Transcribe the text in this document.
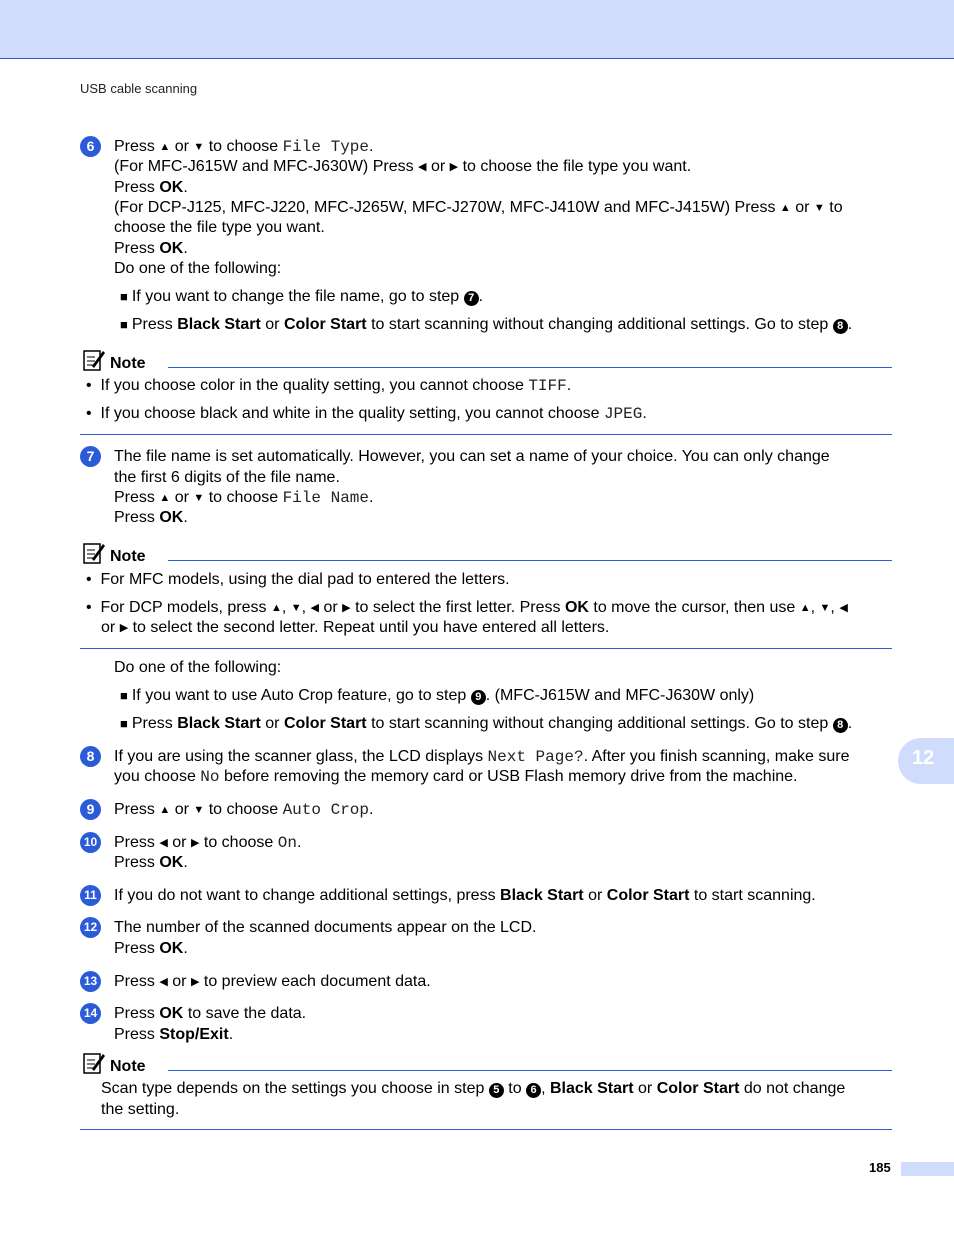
USB cable scanning
6	Press ▲ or ▼ to choose File Type.
(For MFC-J615W and MFC-J630W) Press ◀ or ▶ to choose the file type you want.
Press OK.
(For DCP-J125, MFC-J220, MFC-J265W, MFC-J270W, MFC-J410W and MFC-J415W) Press ▲ or ▼ to
choose the file type you want.
Press OK.
Do one of the following:
■ If you want to change the file name, go to step 7 .
■ Press Black Start or Color Start to start scanning without changing additional settings. Go to step 8 .
Note
• If you choose color in the quality setting, you cannot choose TIFF.
• If you choose black and white in the quality setting, you cannot choose JPEG.
7	The file name is set automatically. However, you can set a name of your choice. You can only change
the first 6 digits of the file name.
Press ▲ or ▼ to choose File Name.
Press OK.
Note
• For MFC models, using the dial pad to entered the letters.
• For DCP models, press ▲, ▼, ◀ or ▶ to select the first letter. Press OK to move the cursor, then use ▲, ▼, ◀
or ▶ to select the second letter. Repeat until you have entered all letters.
Do one of the following:
■ If you want to use Auto Crop feature, go to step 9 . (MFC-J615W and MFC-J630W only)
■ Press Black Start or Color Start to start scanning without changing additional settings. Go to step 8 .
8	If you are using the scanner glass, the LCD displays Next Page?. After you finish scanning, make sure
you choose No before removing the memory card or USB Flash memory drive from the machine.
9	Press ▲ or ▼ to choose Auto Crop.
10 Press ◀ or ▶ to choose On.
Press OK.
11 If you do not want to change additional settings, press Black Start or Color Start to start scanning.
12 The number of the scanned documents appear on the LCD.
Press OK.
13 Press ◀ or ▶ to preview each document data.
14 Press OK to save the data.
Press Stop/Exit.
Note
Scan type depends on the settings you choose in step 5 to 6 , Black Start or Color Start do not change
the setting.
12
185
